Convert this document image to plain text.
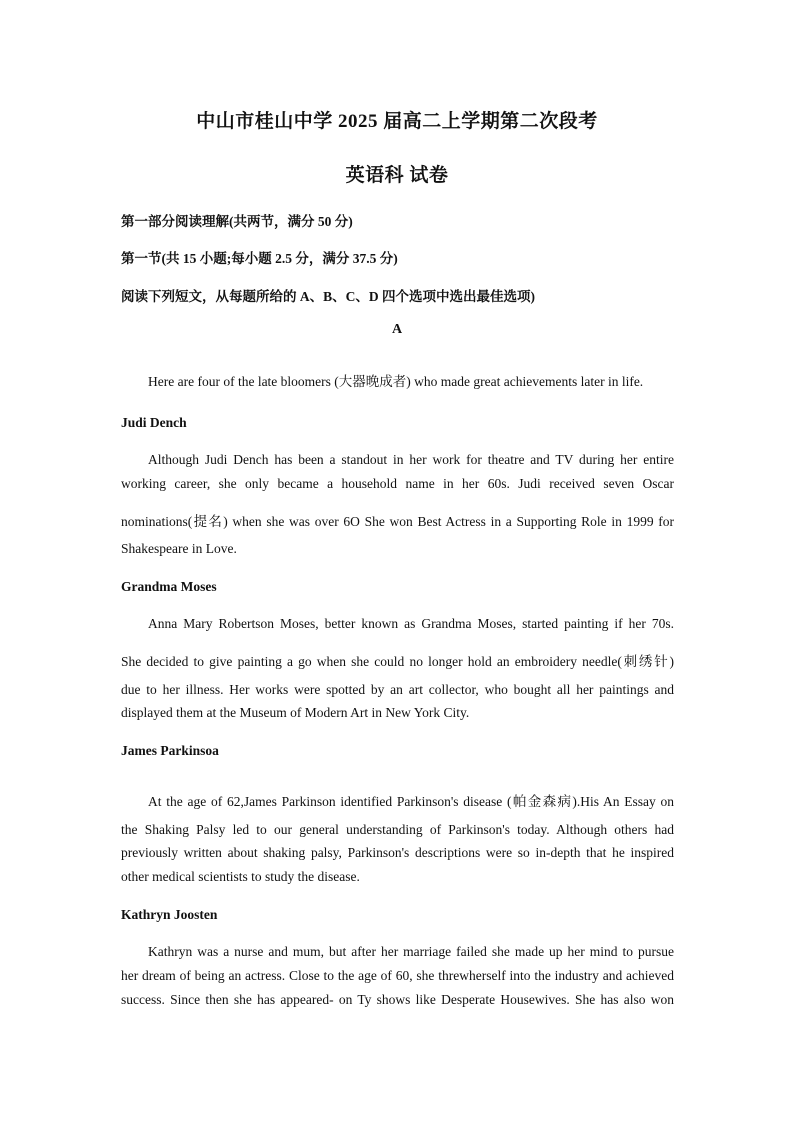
中山市桂山中学 2025 届高二上学期第二次段考
英语科 试卷
第一部分阅读理解(共两节，满分 50 分)
第一节(共 15 小题;每小题 2.5 分，满分 37.5 分)
阅读下列短文，从每题所给的 A、B、C、D 四个选项中选出最佳选项)
A
Here are four of the late bloomers (大器晚成者) who made great achievements later in life.
Judi Dench
Although Judi Dench has been a standout in her work for theatre and TV during her entire
working career, she only became a household name in her 60s. Judi received seven Oscar
nominations(提名) when she was over 6O She won Best Actress in a Supporting Role in 1999 for
Shakespeare in Love.
Grandma Moses
Anna Mary Robertson Moses, better known as Grandma Moses, started painting if her 70s.
She decided to give painting a go when she could no longer hold an embroidery needle(刺绣针)
due to her illness. Her works were spotted by an art collector, who bought all her paintings and
displayed them at the Museum of Modern Art in New York City.
James Parkinsoa
At the age of 62,James Parkinson identified Parkinson's disease (帕金森病).His An Essay on
the Shaking Palsy led to our general understanding of Parkinson's today. Although others had
previously written about shaking palsy, Parkinson's descriptions were so in-depth that he inspired
other medical scientists to study the disease.
Kathryn Joosten
Kathryn was a nurse and mum, but after her marriage failed she made up her mind to pursue
her dream of being an actress. Close to the age of 60, she threwherself into the industry and achieved
success. Since then she has appeared- on Ty shows like Desperate Housewives. She has also won
